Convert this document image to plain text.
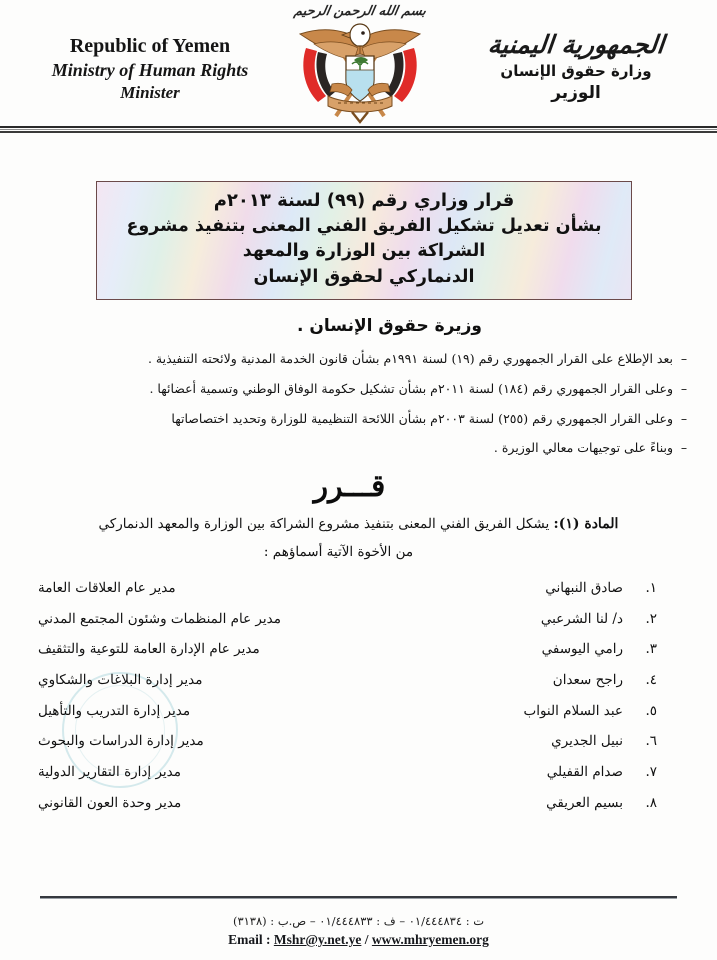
Republic of Yemen
Ministry of Human Rights
Minister
بسم الله الرحمن الرحيم
الجمهورية اليمنية
وزارة حقوق الإنسان
الوزير
قرار وزاري رقم (٩٩) لسنة ٢٠١٣م
بشأن تعديل تشكيل الفريق الفني المعنى بتنفيذ مشروع الشراكة بين الوزارة والمعهد
الدنماركي لحقوق الإنسان
وزيرة حقوق الإنسان .
–
بعد الإطلاع على القرار الجمهوري رقم (١٩) لسنة ١٩٩١م بشأن قانون الخدمة المدنية ولائحته التنفيذية .
–
وعلى القرار الجمهوري رقم (١٨٤) لسنة ٢٠١١م بشأن تشكيل حكومة الوفاق الوطني وتسمية أعضائها .
–
وعلى القرار الجمهوري رقم (٢٥٥) لسنة ٢٠٠٣م بشأن اللائحة التنظيمية للوزارة وتحديد اختصاصاتها
–
وبناءً على توجيهات معالي الوزيرة .
قـــرر
المادة (١): يشكل الفريق الفني المعنى بتنفيذ مشروع الشراكة بين الوزارة والمعهد الدنماركي
من الأخوة الآتية أسماؤهم :
١.
صادق النبهاني
مدير عام العلاقات العامة
٢.
د/ لنا الشرعبي
مدير عام المنظمات وشئون المجتمع المدني
٣.
رامي اليوسفي
مدير عام الإدارة العامة للتوعية والتثقيف
٤.
راجح سعدان
مدير إدارة البلاغات والشكاوي
٥.
عبد السلام النواب
مدير إدارة التدريب والتأهيل
٦.
نبيل الجديري
مدير إدارة الدراسات والبحوث
٧.
صدام القفيلي
مدير إدارة التقارير الدولية
٨.
بسيم العريقي
مدير وحدة العون القانوني
ت : ٠١/٤٤٤٨٣٤ – ف : ٠١/٤٤٤٨٣٣ – ص.ب : (٣١٣٨)
Email : Mshr@y.net.ye / www.mhryemen.org
